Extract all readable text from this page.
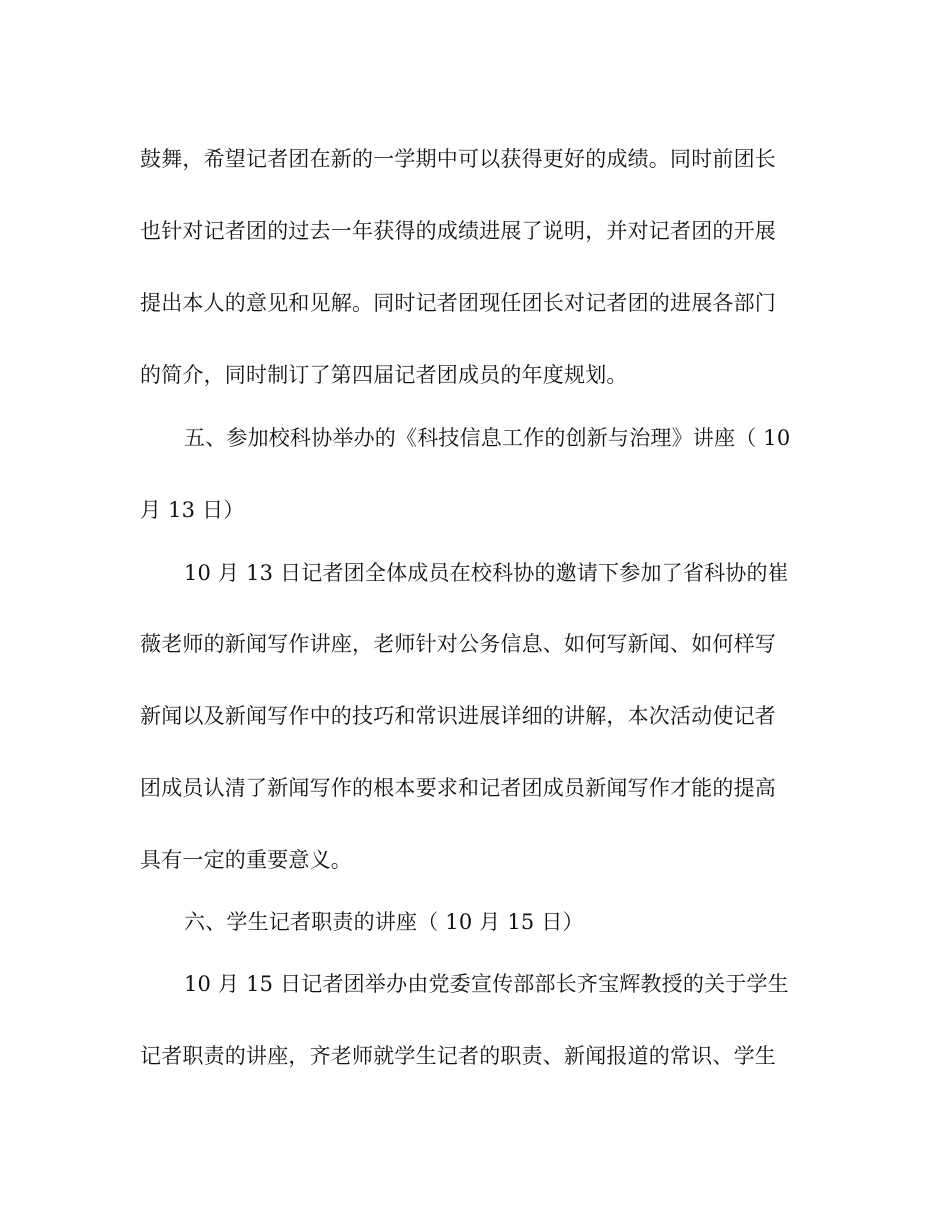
鼓舞，希望记者团在新的一学期中可以获得更好的成绩。同时前团长
也针对记者团的过去一年获得的成绩进展了说明，并对记者团的开展
提出本人的意见和见解。同时记者团现任团长对记者团的进展各部门
的简介，同时制订了第四届记者团成员的年度规划。
五、参加校科协举办的《科技信息工作的创新与治理》讲座（ 10
月 13 日）
10 月 13 日记者团全体成员在校科协的邀请下参加了省科协的崔
薇老师的新闻写作讲座，老师针对公务信息、如何写新闻、如何样写
新闻以及新闻写作中的技巧和常识进展详细的讲解，本次活动使记者
团成员认清了新闻写作的根本要求和记者团成员新闻写作才能的提高
具有一定的重要意义。
六、学生记者职责的讲座（ 10 月 15 日）
10 月 15 日记者团举办由党委宣传部部长齐宝辉教授的关于学生
记者职责的讲座，齐老师就学生记者的职责、新闻报道的常识、学生
